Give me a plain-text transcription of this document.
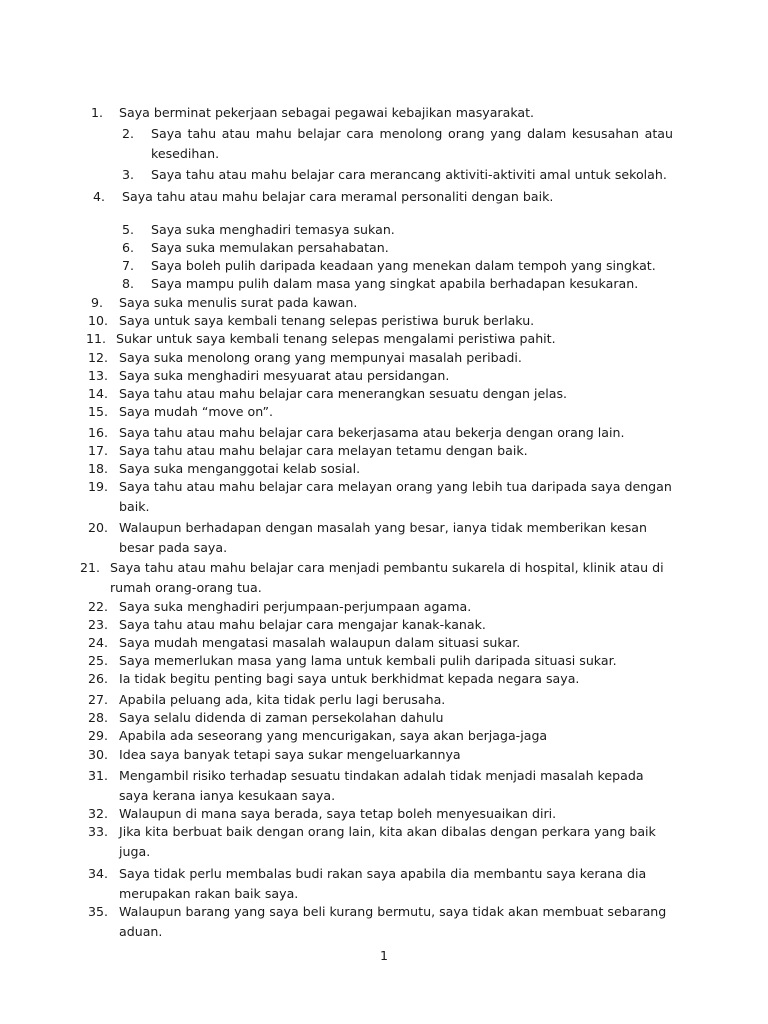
1. Saya berminat pekerjaan sebagai pegawai kebajikan masyarakat.
2. Saya tahu atau mahu belajar cara menolong orang yang dalam kesusahan atau
kesedihan.
3. Saya tahu atau mahu belajar cara merancang aktiviti-aktiviti amal untuk sekolah.
4. Saya tahu atau mahu belajar cara meramal personaliti dengan baik.
5. Saya suka menghadiri temasya sukan.
6. Saya suka memulakan persahabatan.
7. Saya boleh pulih daripada keadaan yang menekan dalam tempoh yang singkat.
8. Saya mampu pulih dalam masa yang singkat apabila berhadapan kesukaran.
9. Saya suka menulis surat pada kawan.
10. Saya untuk saya kembali tenang selepas peristiwa buruk berlaku.
11. Sukar untuk saya kembali tenang selepas mengalami peristiwa pahit.
12. Saya suka menolong orang yang mempunyai masalah peribadi.
13. Saya suka menghadiri mesyuarat atau persidangan.
14. Saya tahu atau mahu belajar cara menerangkan sesuatu dengan jelas.
15. Saya mudah “move on”.
16. Saya tahu atau mahu belajar cara bekerjasama atau bekerja dengan orang lain.
17. Saya tahu atau mahu belajar cara melayan tetamu dengan baik.
18. Saya suka menganggotai kelab sosial.
19. Saya tahu atau mahu belajar cara melayan orang yang lebih tua daripada saya dengan
baik.
20. Walaupun berhadapan dengan masalah yang besar, ianya tidak memberikan kesan
besar pada saya.
21. Saya tahu atau mahu belajar cara menjadi pembantu sukarela di hospital, klinik atau di
rumah orang-orang tua.
22. Saya suka menghadiri perjumpaan-perjumpaan agama.
23. Saya tahu atau mahu belajar cara mengajar kanak-kanak.
24. Saya mudah mengatasi masalah walaupun dalam situasi sukar.
25. Saya memerlukan masa yang lama untuk kembali pulih daripada situasi sukar.
26. Ia tidak begitu penting bagi saya untuk berkhidmat kepada negara saya.
27. Apabila peluang ada, kita tidak perlu lagi berusaha.
28. Saya selalu didenda di zaman persekolahan dahulu
29. Apabila ada seseorang yang mencurigakan, saya akan berjaga-jaga
30. Idea saya banyak tetapi saya sukar mengeluarkannya
31. Mengambil risiko terhadap sesuatu tindakan adalah tidak menjadi masalah kepada
saya kerana ianya kesukaan saya.
32. Walaupun di mana saya berada, saya tetap boleh menyesuaikan diri.
33. Jika kita berbuat baik dengan orang lain, kita akan dibalas dengan perkara yang baik
juga.
34. Saya tidak perlu membalas budi rakan saya apabila dia membantu saya kerana dia
merupakan rakan baik saya.
35. Walaupun barang yang saya beli kurang bermutu, saya tidak akan membuat sebarang
aduan.
1
